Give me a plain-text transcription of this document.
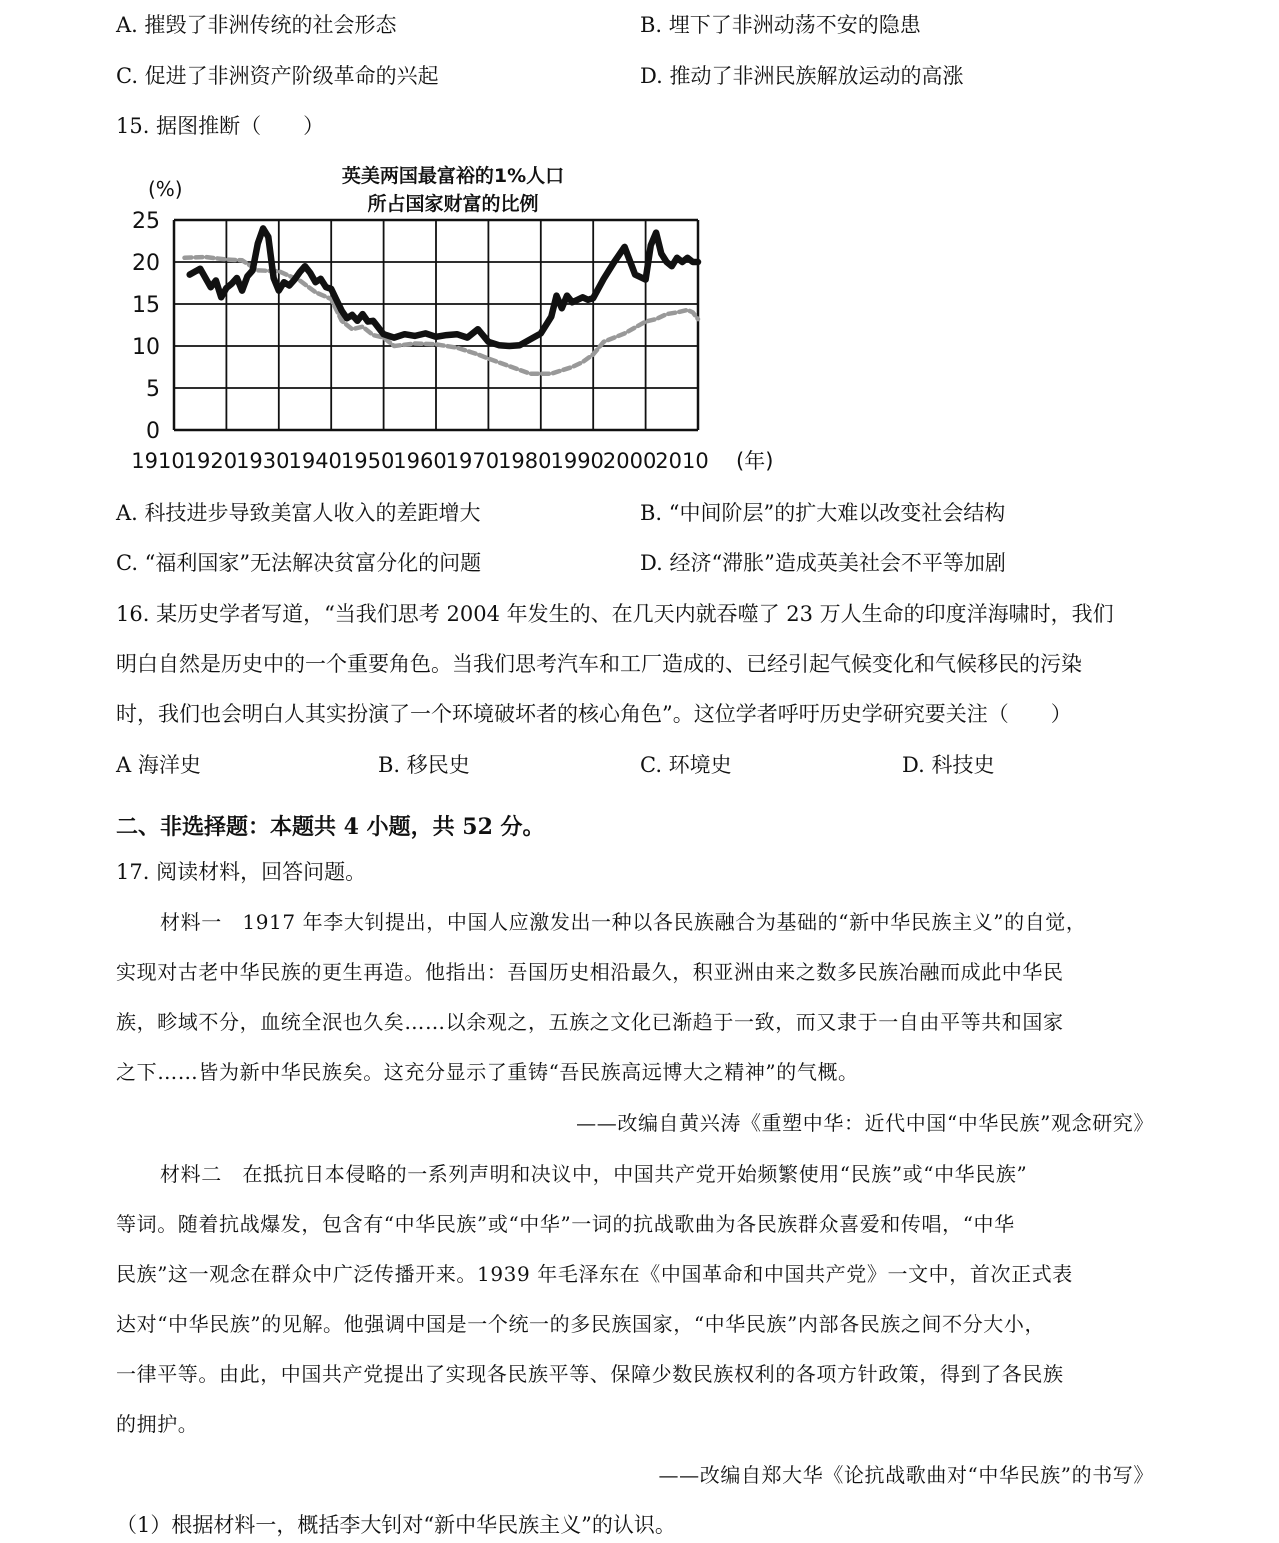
A. 摧毁了非洲传统的社会形态	B. 埋下了非洲动荡不安的隐患
C. 促进了非洲资产阶级革命的兴起	D. 推动了非洲民族解放运动的高涨
15. 据图推断（　　）
英美两国最富裕的1%人口
所占国家财富的比例
(%)
25
20
15
10
5
0
1910
1920
1930
1940
1950
1960
1970
1980
1990
2000
2010 (年)
A. 科技进步导致美富人收入的差距增大	B. “中间阶层”的扩大难以改变社会结构
C. “福利国家”无法解决贫富分化的问题	D. 经济“滞胀”造成英美社会不平等加剧
16. 某历史学者写道，“当我们思考 2004 年发生的、在几天内就吞噬了 23 万人生命的印度洋海啸时，我们
明白自然是历史中的一个重要角色。当我们思考汽车和工厂造成的、已经引起气候变化和气候移民的污染
时，我们也会明白人其实扮演了一个环境破坏者的核心角色”。这位学者呼吁历史学研究要关注（　　）
A 海洋史	B. 移民史	C. 环境史	D. 科技史
二、非选择题：本题共 4 小题，共 52 分。
17. 阅读材料，回答问题。
材料一　1917 年李大钊提出，中国人应激发出一种以各民族融合为基础的“新中华民族主义”的自觉，
实现对古老中华民族的更生再造。他指出：吾国历史相沿最久，积亚洲由来之数多民族冶融而成此中华民
族，畛域不分，血统全泯也久矣……以余观之，五族之文化已渐趋于一致，而又隶于一自由平等共和国家
之下……皆为新中华民族矣。这充分显示了重铸“吾民族高远博大之精神”的气概。
——改编自黄兴涛《重塑中华：近代中国“中华民族”观念研究》
材料二　在抵抗日本侵略的一系列声明和决议中，中国共产党开始频繁使用“民族”或“中华民族”
等词。随着抗战爆发，包含有“中华民族”或“中华”一词的抗战歌曲为各民族群众喜爱和传唱，“中华
民族”这一观念在群众中广泛传播开来。1939 年毛泽东在《中国革命和中国共产党》一文中，首次正式表
达对“中华民族”的见解。他强调中国是一个统一的多民族国家，“中华民族”内部各民族之间不分大小，
一律平等。由此，中国共产党提出了实现各民族平等、保障少数民族权利的各项方针政策，得到了各民族
的拥护。
——改编自郑大华《论抗战歌曲对“中华民族”的书写》
（1）根据材料一，概括李大钊对“新中华民族主义”的认识。
